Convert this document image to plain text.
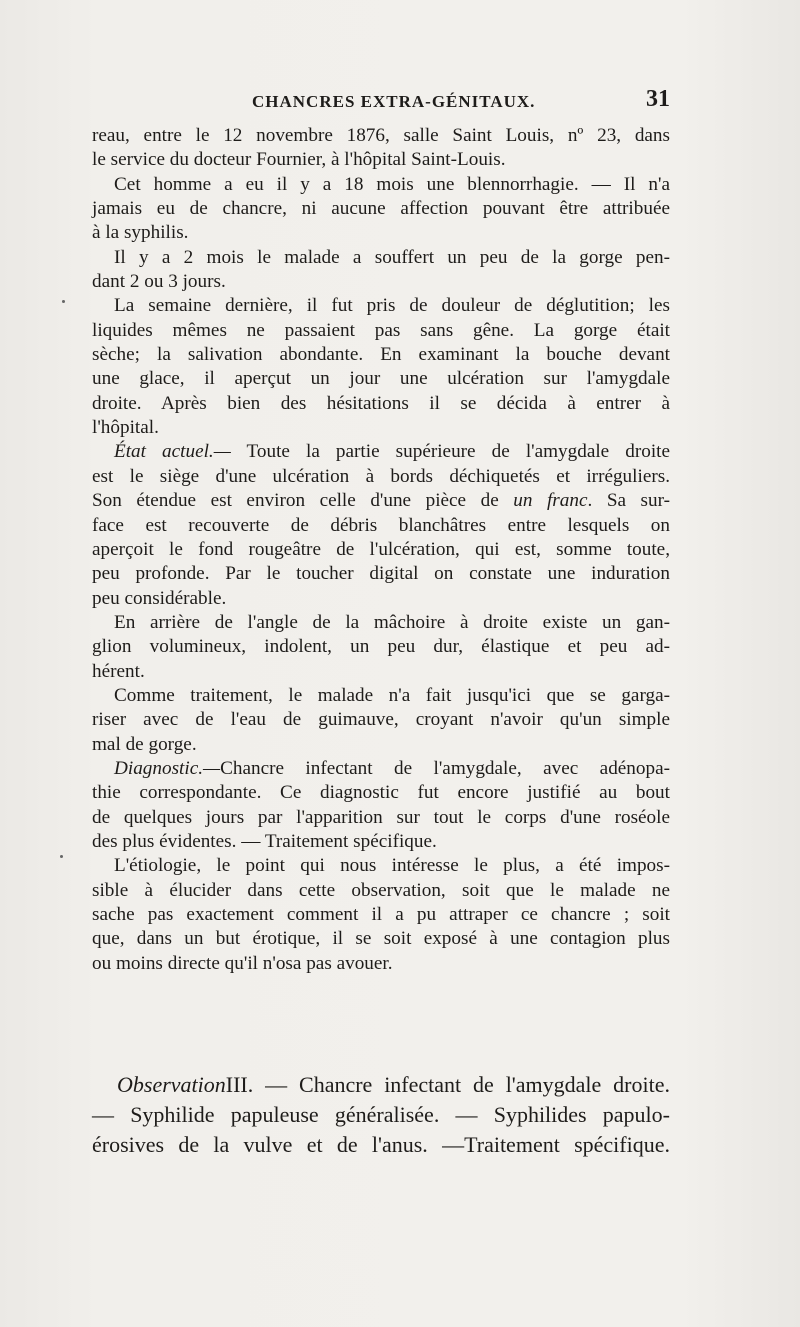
CHANCRES EXTRA-GÉNITAUX.	31
reau, entre le 12 novembre 1876, salle Saint Louis, nº 23, dans
le service du docteur Fournier, à l'hôpital Saint-Louis.
Cet homme a eu il y a 18 mois une blennorrhagie. — Il n'a
jamais eu de chancre, ni aucune affection pouvant être attribuée
à la syphilis.
Il y a 2 mois le malade a souffert un peu de la gorge pen-
dant 2 ou 3 jours.
La semaine dernière, il fut pris de douleur de déglutition; les
liquides mêmes ne passaient pas sans gêne. La gorge était
sèche; la salivation abondante. En examinant la bouche devant
une glace, il aperçut un jour une ulcération sur l'amygdale
droite. Après bien des hésitations il se décida à entrer à
l'hôpital.
État actuel.— Toute la partie supérieure de l'amygdale droite
est le siège d'une ulcération à bords déchiquetés et irréguliers.
Son étendue est environ celle d'une pièce de un franc. Sa sur-
face est recouverte de débris blanchâtres entre lesquels on
aperçoit le fond rougeâtre de l'ulcération, qui est, somme toute,
peu profonde. Par le toucher digital on constate une induration
peu considérable.
En arrière de l'angle de la mâchoire à droite existe un gan-
glion volumineux, indolent, un peu dur, élastique et peu ad-
hérent.
Comme traitement, le malade n'a fait jusqu'ici que se garga-
riser avec de l'eau de guimauve, croyant n'avoir qu'un simple
mal de gorge.
Diagnostic.—Chancre infectant de l'amygdale, avec adénopa-
thie correspondante. Ce diagnostic fut encore justifié au bout
de quelques jours par l'apparition sur tout le corps d'une roséole
des plus évidentes. — Traitement spécifique.
L'étiologie, le point qui nous intéresse le plus, a été impos-
sible à élucider dans cette observation, soit que le malade ne
sache pas exactement comment il a pu attraper ce chancre ; soit
que, dans un but érotique, il se soit exposé à une contagion plus
ou moins directe qu'il n'osa pas avouer.
ObservationIII. — Chancre infectant de l'amygdale droite.
— Syphilide papuleuse généralisée. — Syphilides papulo-
érosives de la vulve et de l'anus. —Traitement spécifique.
